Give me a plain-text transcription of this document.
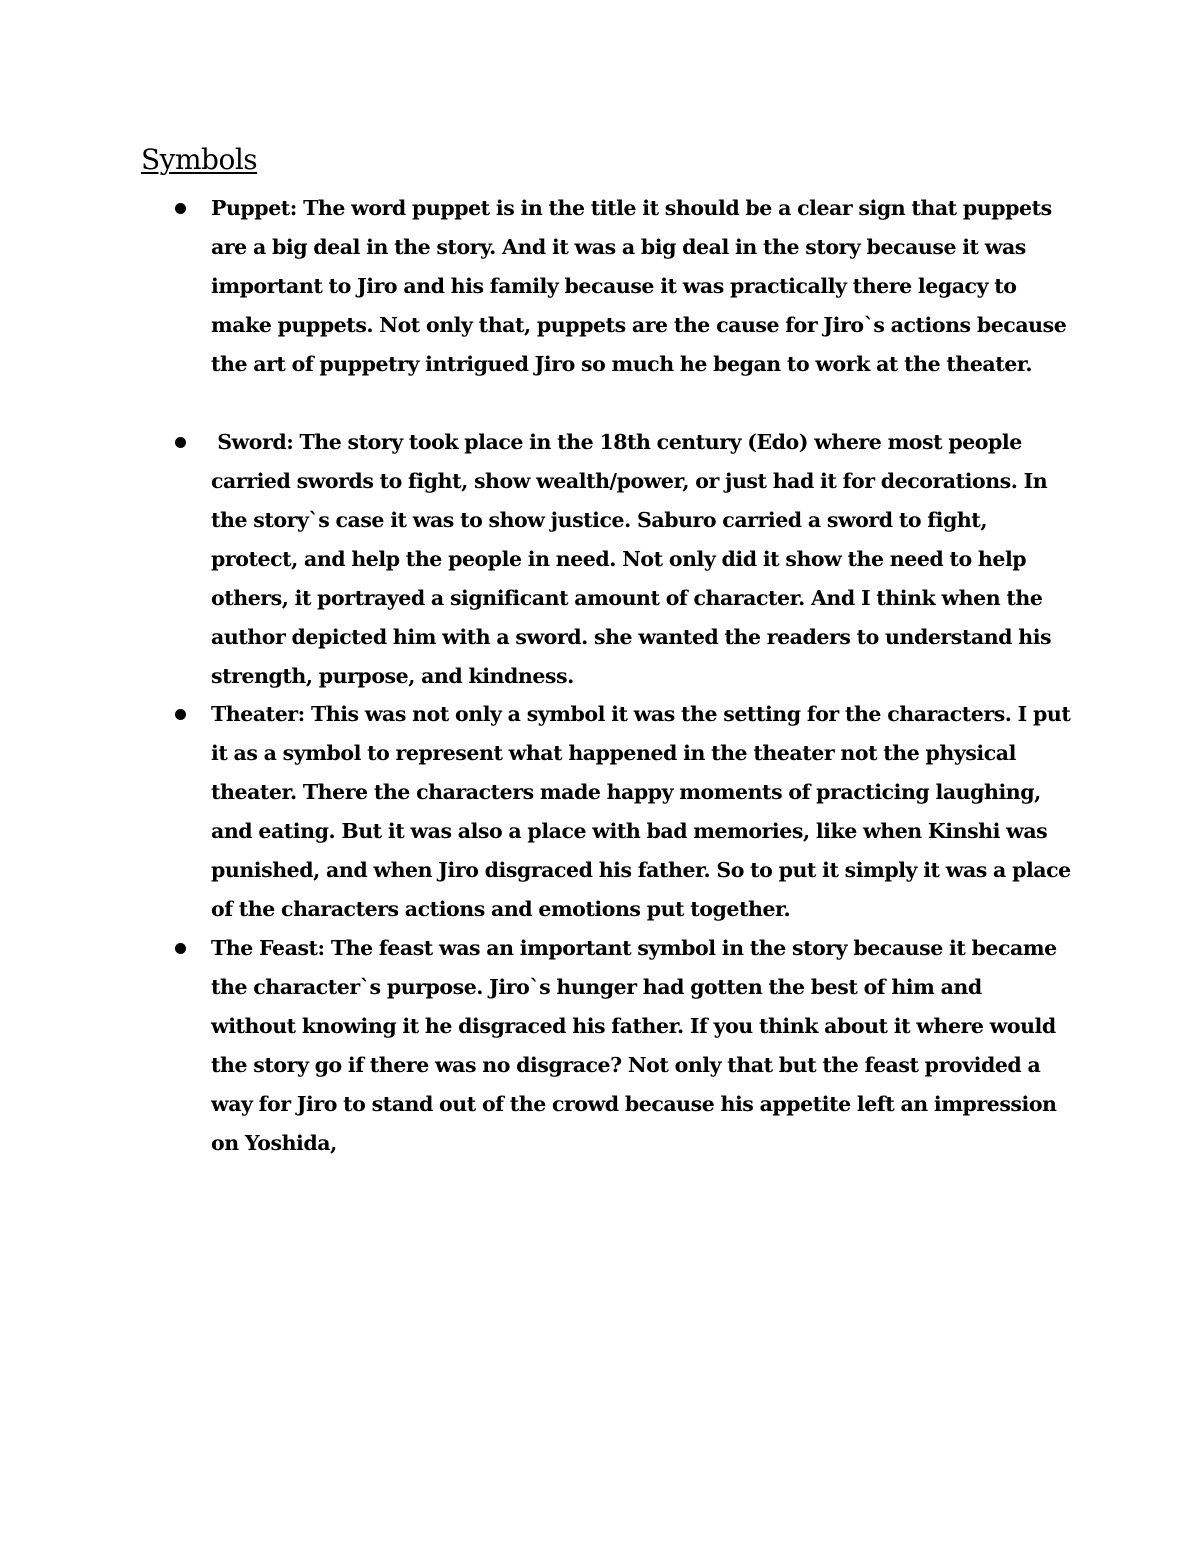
Symbols

Puppet: The word puppet is in the title it should be a clear sign that puppets are a big deal in the story. And it was a big deal in the story because it was important to Jiro and his family because it was practically there legacy to make puppets. Not only that, puppets are the cause for Jiro`s actions because the art of puppetry intrigued Jiro so much he began to work at the theater.

Sword: The story took place in the 18th century (Edo) where most people carried swords to fight, show wealth/power, or just had it for decorations. In the story`s case it was to show justice. Saburo carried a sword to fight, protect, and help the people in need. Not only did it show the need to help others, it portrayed a significant amount of character. And I think when the author depicted him with a sword. she wanted the readers to understand his strength, purpose, and kindness.

Theater: This was not only a symbol it was the setting for the characters. I put it as a symbol to represent what happened in the theater not the physical theater. There the characters made happy moments of practicing laughing, and eating. But it was also a place with bad memories, like when Kinshi was punished, and when Jiro disgraced his father. So to put it simply it was a place of the characters actions and emotions put together.

The Feast: The feast was an important symbol in the story because it became the character`s purpose. Jiro`s hunger had gotten the best of him and without knowing it he disgraced his father. If you think about it where would the story go if there was no disgrace? Not only that but the feast provided a way for Jiro to stand out of the crowd because his appetite left an impression on Yoshida,
